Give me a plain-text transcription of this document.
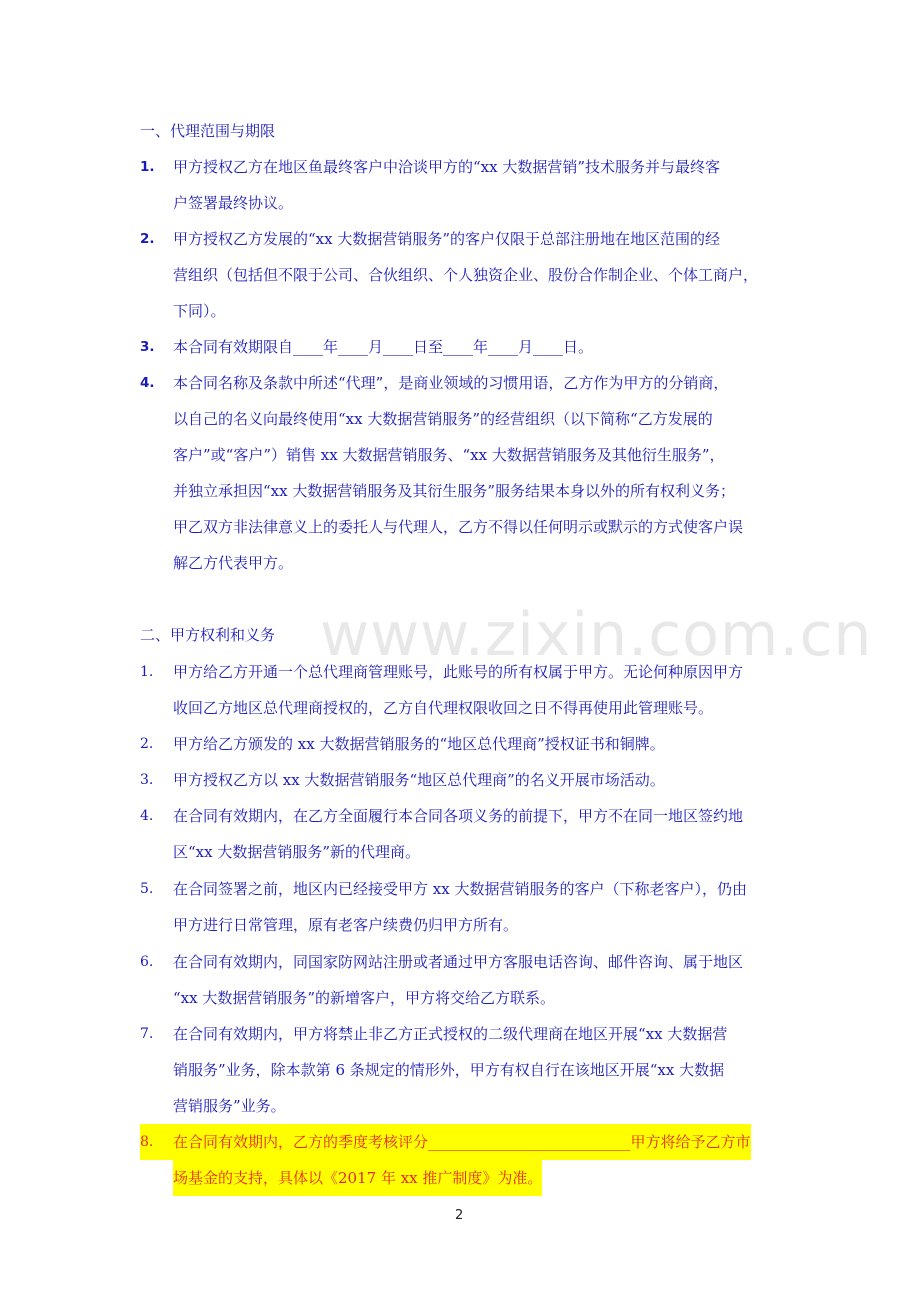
www.zixin.com.cn
一、代理范围与期限
1.	甲方授权乙方在地区鱼最终客户中洽谈甲方的“xx 大数据营销”技术服务并与最终客
户签署最终协议。
2.	甲方授权乙方发展的“xx 大数据营销服务”的客户仅限于总部注册地在地区范围的经
营组织（包括但不限于公司、合伙组织、个人独资企业、股份合作制企业、个体工商户，
下同）。
3.	本合同有效期限自____年____月____日至____年____月____日。
4.	本合同名称及条款中所述“代理”，是商业领域的习惯用语，乙方作为甲方的分销商，
以自己的名义向最终使用“xx 大数据营销服务”的经营组织（以下简称“乙方发展的
客户”或“客户”）销售 xx 大数据营销服务、“xx 大数据营销服务及其他衍生服务”，
并独立承担因“xx 大数据营销服务及其衍生服务”服务结果本身以外的所有权利义务；
甲乙双方非法律意义上的委托人与代理人，乙方不得以任何明示或默示的方式使客户误
解乙方代表甲方。
二、甲方权利和义务
1.	甲方给乙方开通一个总代理商管理账号，此账号的所有权属于甲方。无论何种原因甲方
收回乙方地区总代理商授权的，乙方自代理权限收回之日不得再使用此管理账号。
2.	甲方给乙方颁发的 xx 大数据营销服务的“地区总代理商”授权证书和铜牌。
3.	甲方授权乙方以 xx 大数据营销服务“地区总代理商”的名义开展市场活动。
4.	在合同有效期内，在乙方全面履行本合同各项义务的前提下，甲方不在同一地区签约地
区“xx 大数据营销服务”新的代理商。
5.	在合同签署之前，地区内已经接受甲方 xx 大数据营销服务的客户（下称老客户），仍由
甲方进行日常管理，原有老客户续费仍归甲方所有。
6.	在合同有效期内，同国家防网站注册或者通过甲方客服电话咨询、邮件咨询、属于地区
“xx 大数据营销服务”的新增客户，甲方将交给乙方联系。
7.	在合同有效期内，甲方将禁止非乙方正式授权的二级代理商在地区开展“xx 大数据营
销服务”业务，除本款第 6 条规定的情形外，甲方有权自行在该地区开展“xx 大数据
营销服务”业务。
8.	在合同有效期内，乙方的季度考核评分___________________________甲方将给予乙方市 场基金的支持，具体以《2017 年 xx 推广制度》为准。
2
